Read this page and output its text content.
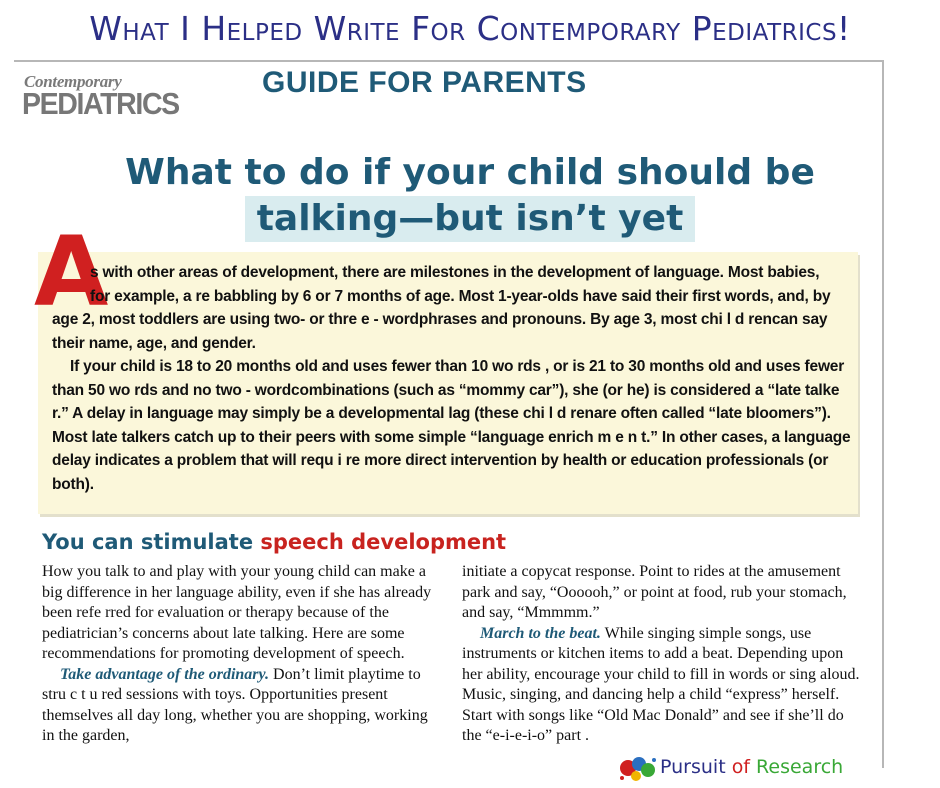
What I Helped Write For Contemporary Pediatrics!
Contemporary
PEDIATRICS
GUIDE FOR PARENTS
What to do if your child should be
talking—but isn’t yet
A

s with other areas of development, there are milestones in the development of language. Most babies,
for example, a re babbling by 6 or 7 months of age. Most 1-year-olds have said their first words, and, by

age 2, most toddlers are using two- or thre e - wordphrases and pronouns. By age 3, most chi l d rencan say their name, age, and gender.

If your child is 18 to 20 months old and uses fewer than 10 wo rds , or is 21 to 30 months old and uses fewer than 50 wo rds and no two - wordcombinations (such as “mommy car”), she (or he) is considered a “late talke r.” A delay in language may simply be a developmental lag (these chi l d renare often called “late bloomers”). Most late talkers catch up to their peers with some simple “language enrich m e n t.” In other cases, a language delay indicates a problem that will requ i re more direct intervention by health or education professionals (or both).

You can stimulate speech development

How you talk to and play with your young child can make a big difference in her language ability, even if she has already been refe rred for evaluation or therapy because of the pediatrician’s concerns about late talking. Here are some recommendations for promoting development of speech.

Take advantage of the ordinary. Don’t limit playtime to stru c t u red sessions with toys. Opportunities present themselves all day long, whether you are shopping, working in the garden,

initiate a copycat response. Point to rides at the amusement park and say, “Oooooh,” or point at food, rub your stomach, and say, “Mmmmm.”

March to the beat. While singing simple songs, use instruments or kitchen items to add a beat. Depending upon her ability, encourage your child to fill in words or sing aloud. Music, singing, and dancing help a child “express” herself. Start with songs like “Old Mac Donald” and see if she’ll do the “e-i-e-i-o” part .

Pursuit of Research
